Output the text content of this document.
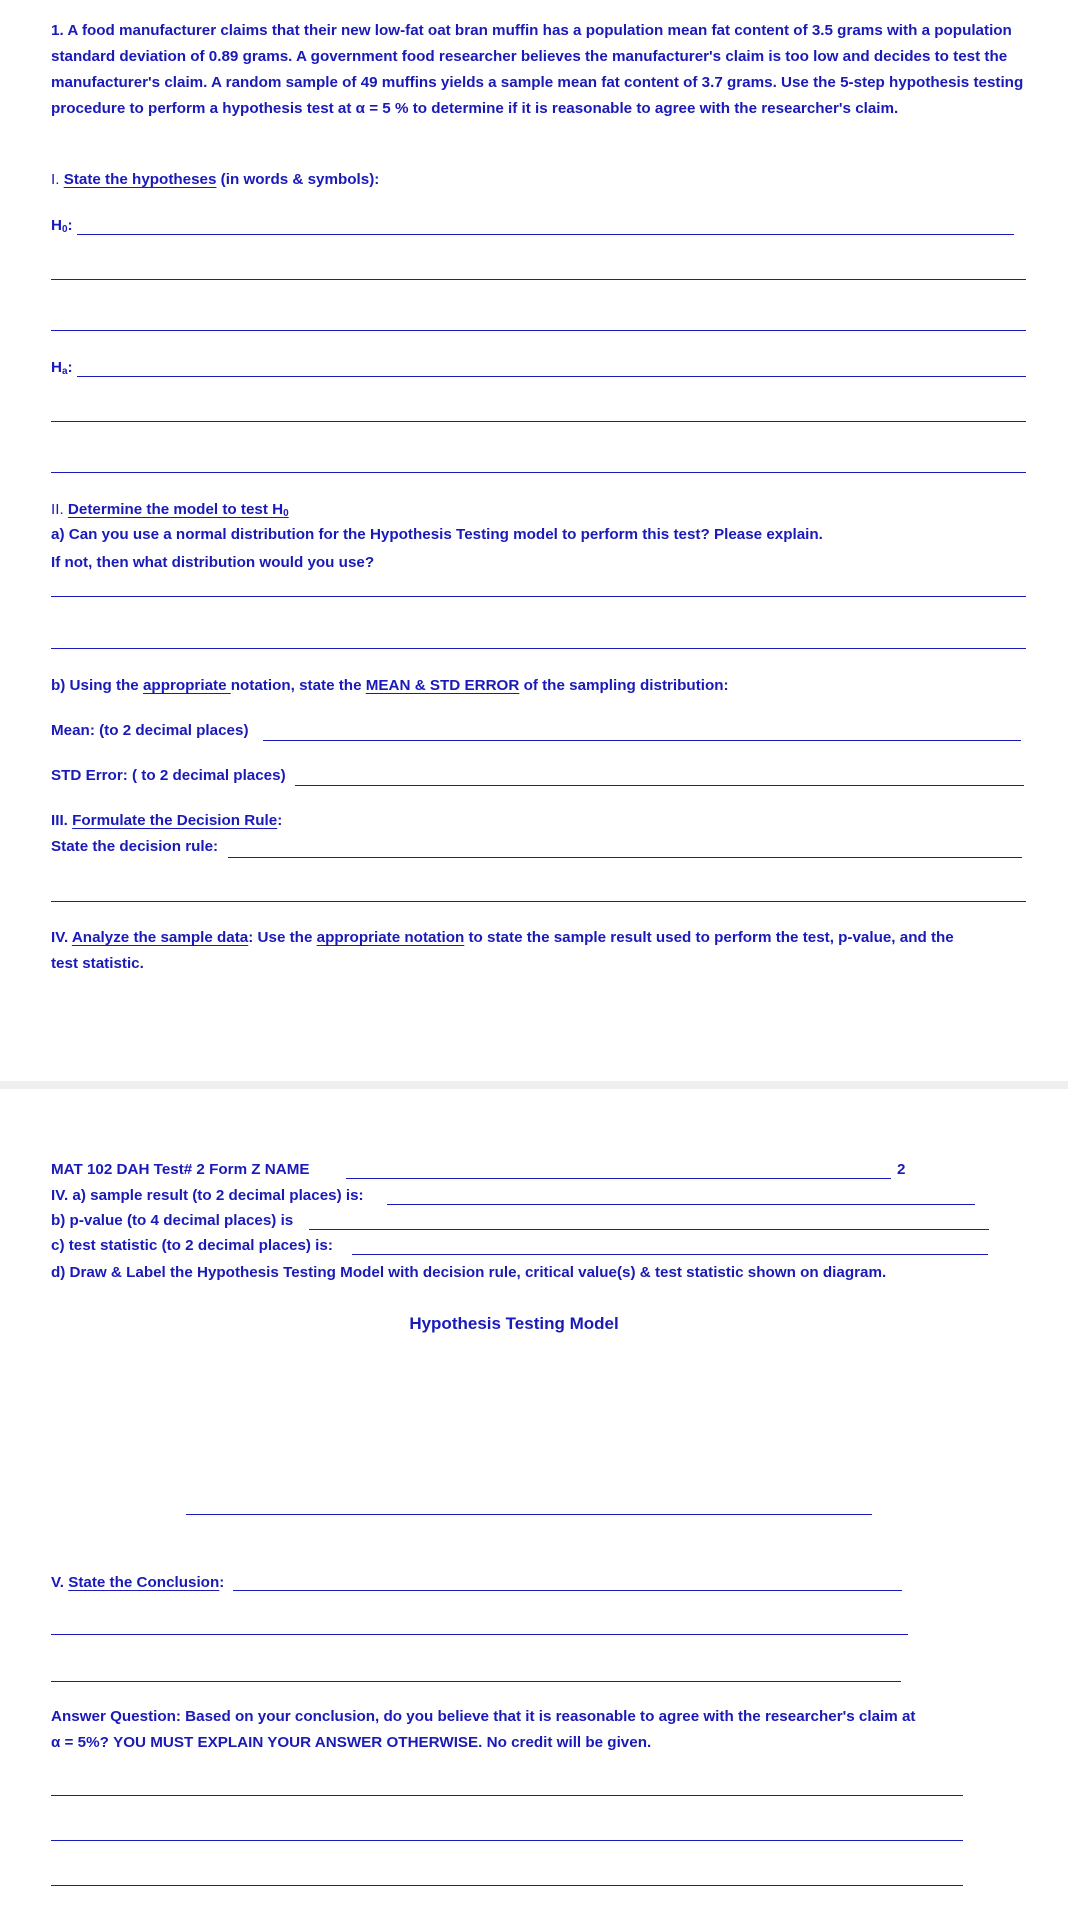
1. A food manufacturer claims that their new low-fat oat bran muffin has a population mean fat content of 3.5 grams with a population standard deviation of 0.89 grams. A government food researcher believes the manufacturer's claim is too low and decides to test the manufacturer's claim. A random sample of 49 muffins yields a sample mean fat content of 3.7 grams. Use the 5-step hypothesis testing procedure to perform a hypothesis test at α = 5 % to determine if it is reasonable to agree with the researcher's claim.
I. State the hypotheses (in words & symbols):
$H_0$:
$H_a$:
II. Determine the model to test $H_0$
a) Can you use a normal distribution for the Hypothesis Testing model to perform this test? Please explain.
If not, then what distribution would you use?
b) Using the appropriate notation, state the MEAN & STD ERROR of the sampling distribution:
Mean: (to 2 decimal places)
STD Error: ( to 2 decimal places)
III. Formulate the Decision Rule:
State the decision rule:
IV. Analyze the sample data: Use the appropriate notation to state the sample result used to perform the test, p-value, and the
test statistic.
MAT 102 DAH Test# 2 Form Z NAME	2
IV. a) sample result (to 2 decimal places) is:
b) p-value (to 4 decimal places) is
c) test statistic (to 2 decimal places) is:
d) Draw & Label the Hypothesis Testing Model with decision rule, critical value(s) & test statistic shown on diagram.
Hypothesis Testing Model
V. State the Conclusion:
Answer Question: Based on your conclusion, do you believe that it is reasonable to agree with the researcher's claim at
α = 5%? YOU MUST EXPLAIN YOUR ANSWER OTHERWISE. No credit will be given.
